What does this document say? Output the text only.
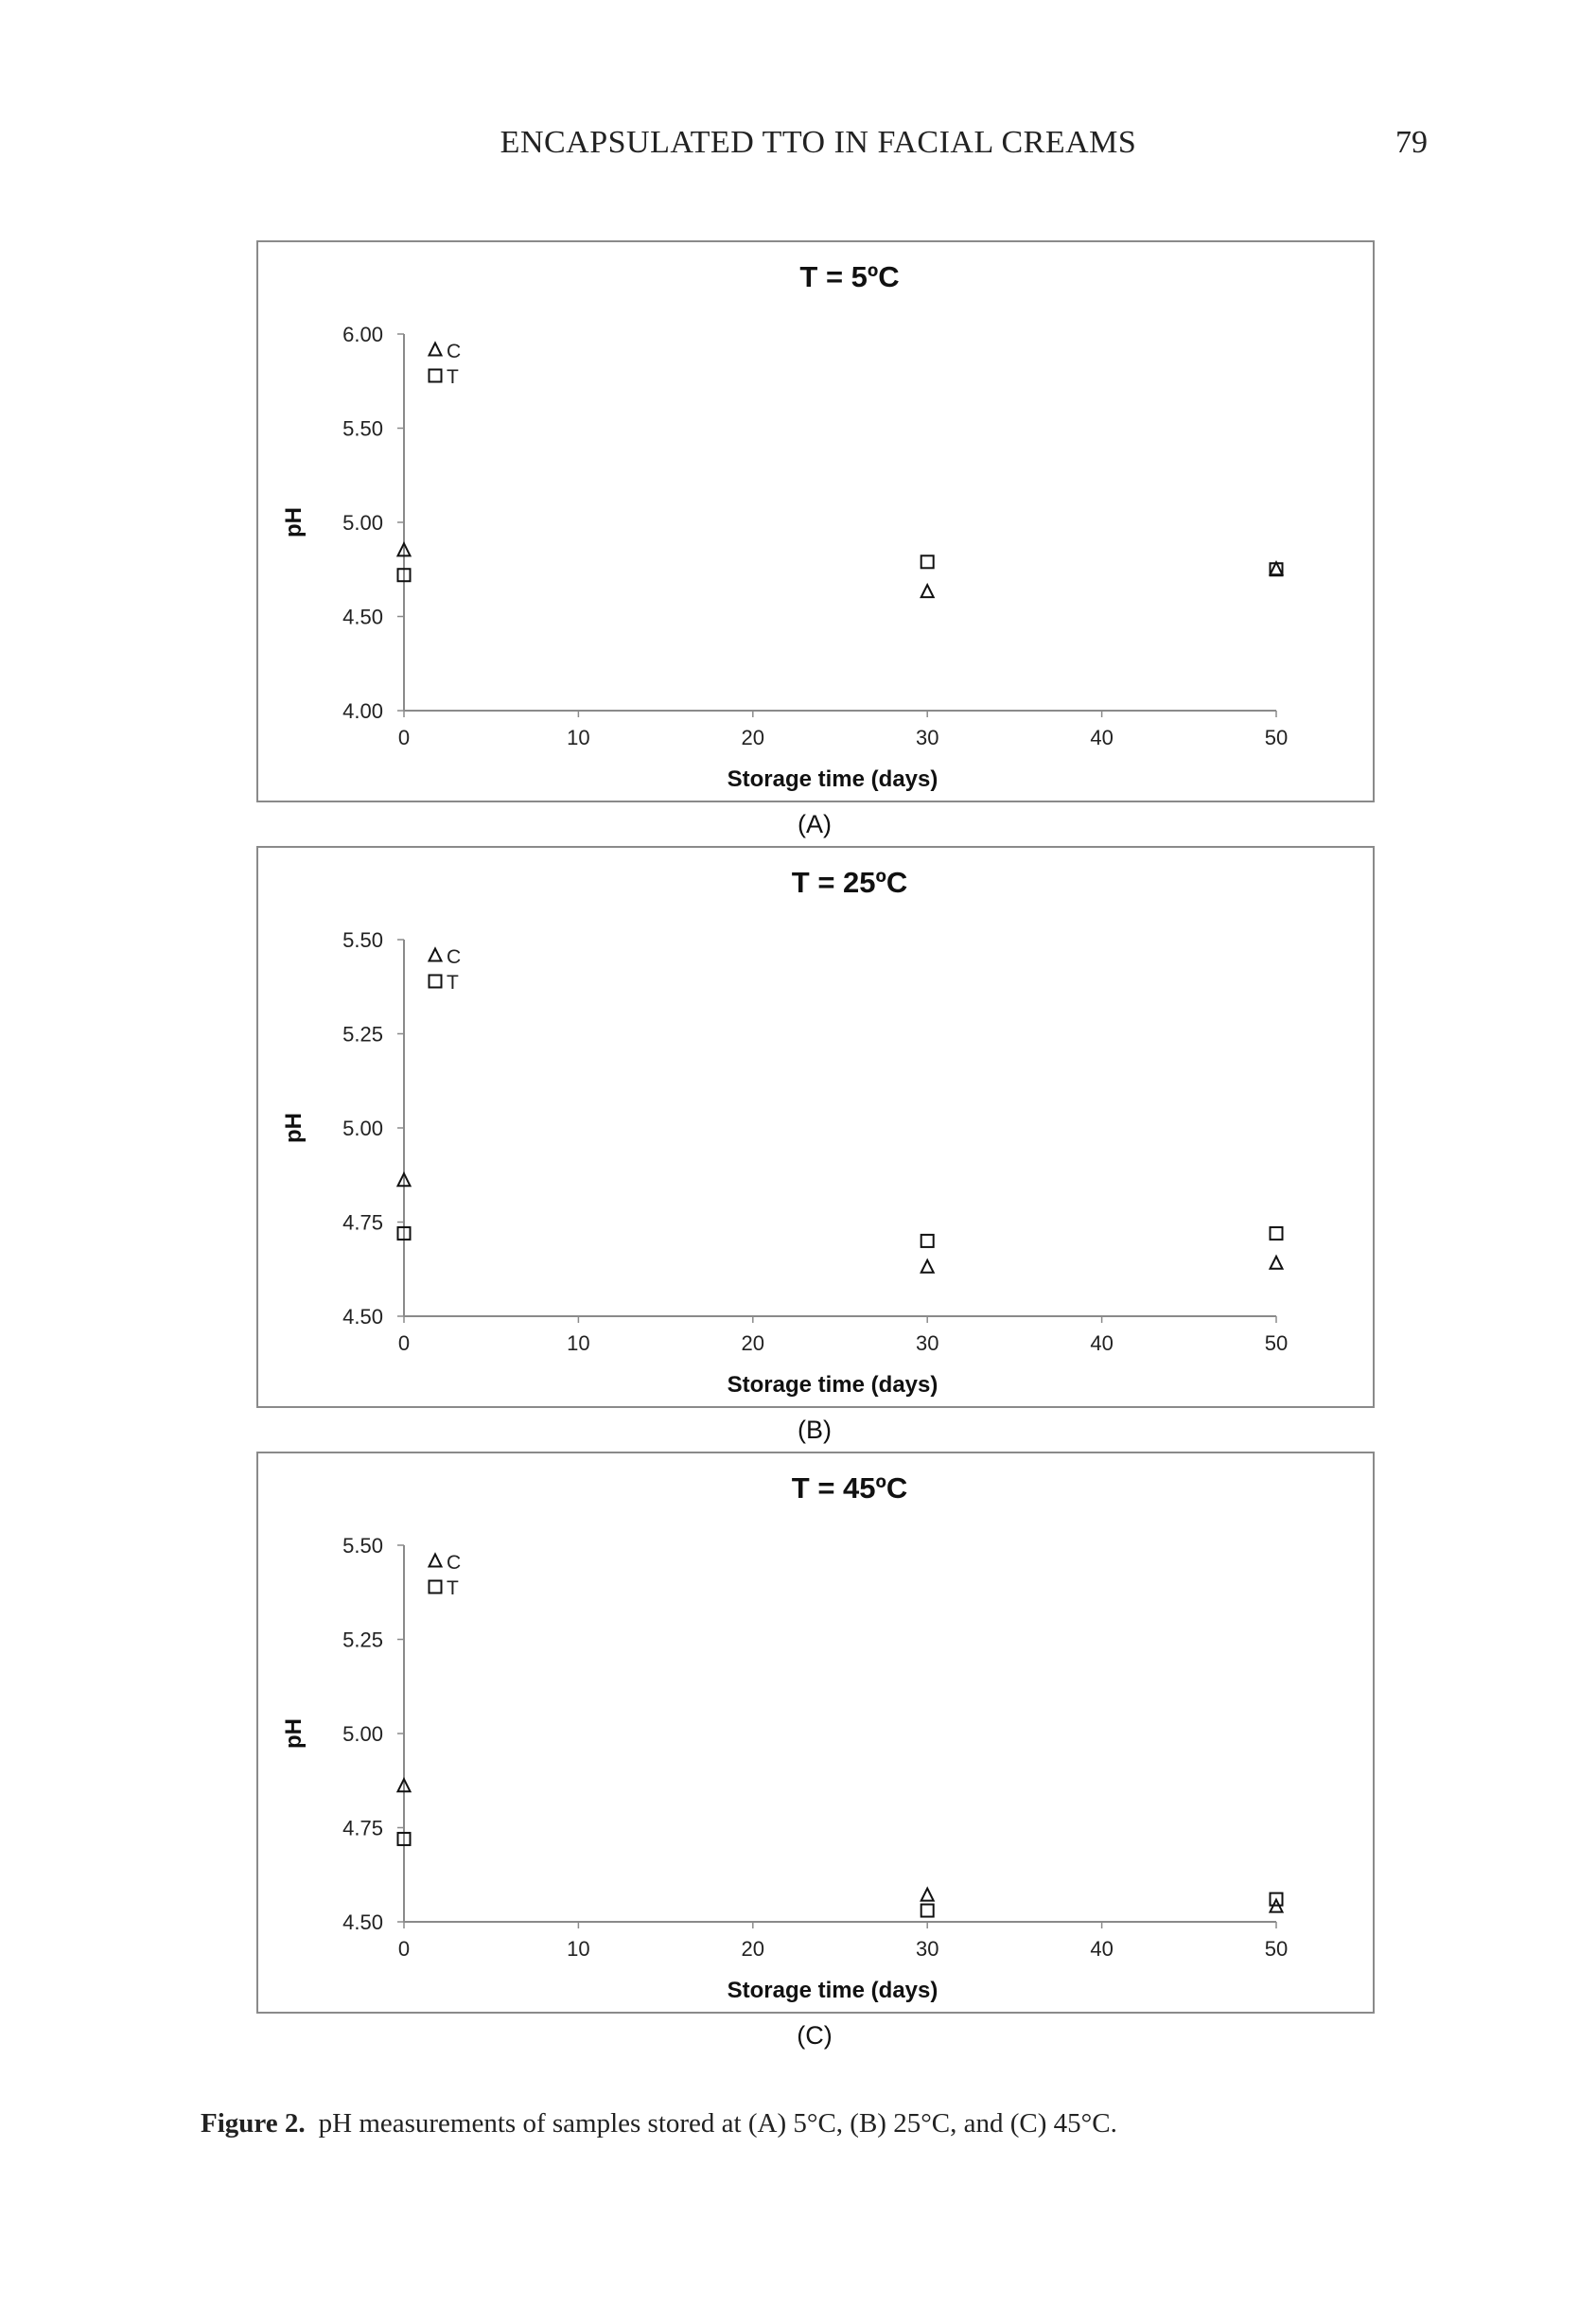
ENCAPSULATED TTO IN FACIAL CREAMS	79
T = 5ºC
4.00
4.50
5.00
5.50
6.00
0	10	20	30	40	50
Storage time (days)
pH
C
T
(A)
T = 25ºC
4.50
4.75
5.00
5.25
5.50
0	10	20	30	40	50
Storage time (days)
pH
C
T
(B)
T = 45ºC
4.50
4.75
5.00
5.25
5.50
0	10	20	30	40	50
Storage time (days)
pH
C
T
(C)
Figure 2. pH measurements of samples stored at (A) 5°C, (B) 25°C, and (C) 45°C.
